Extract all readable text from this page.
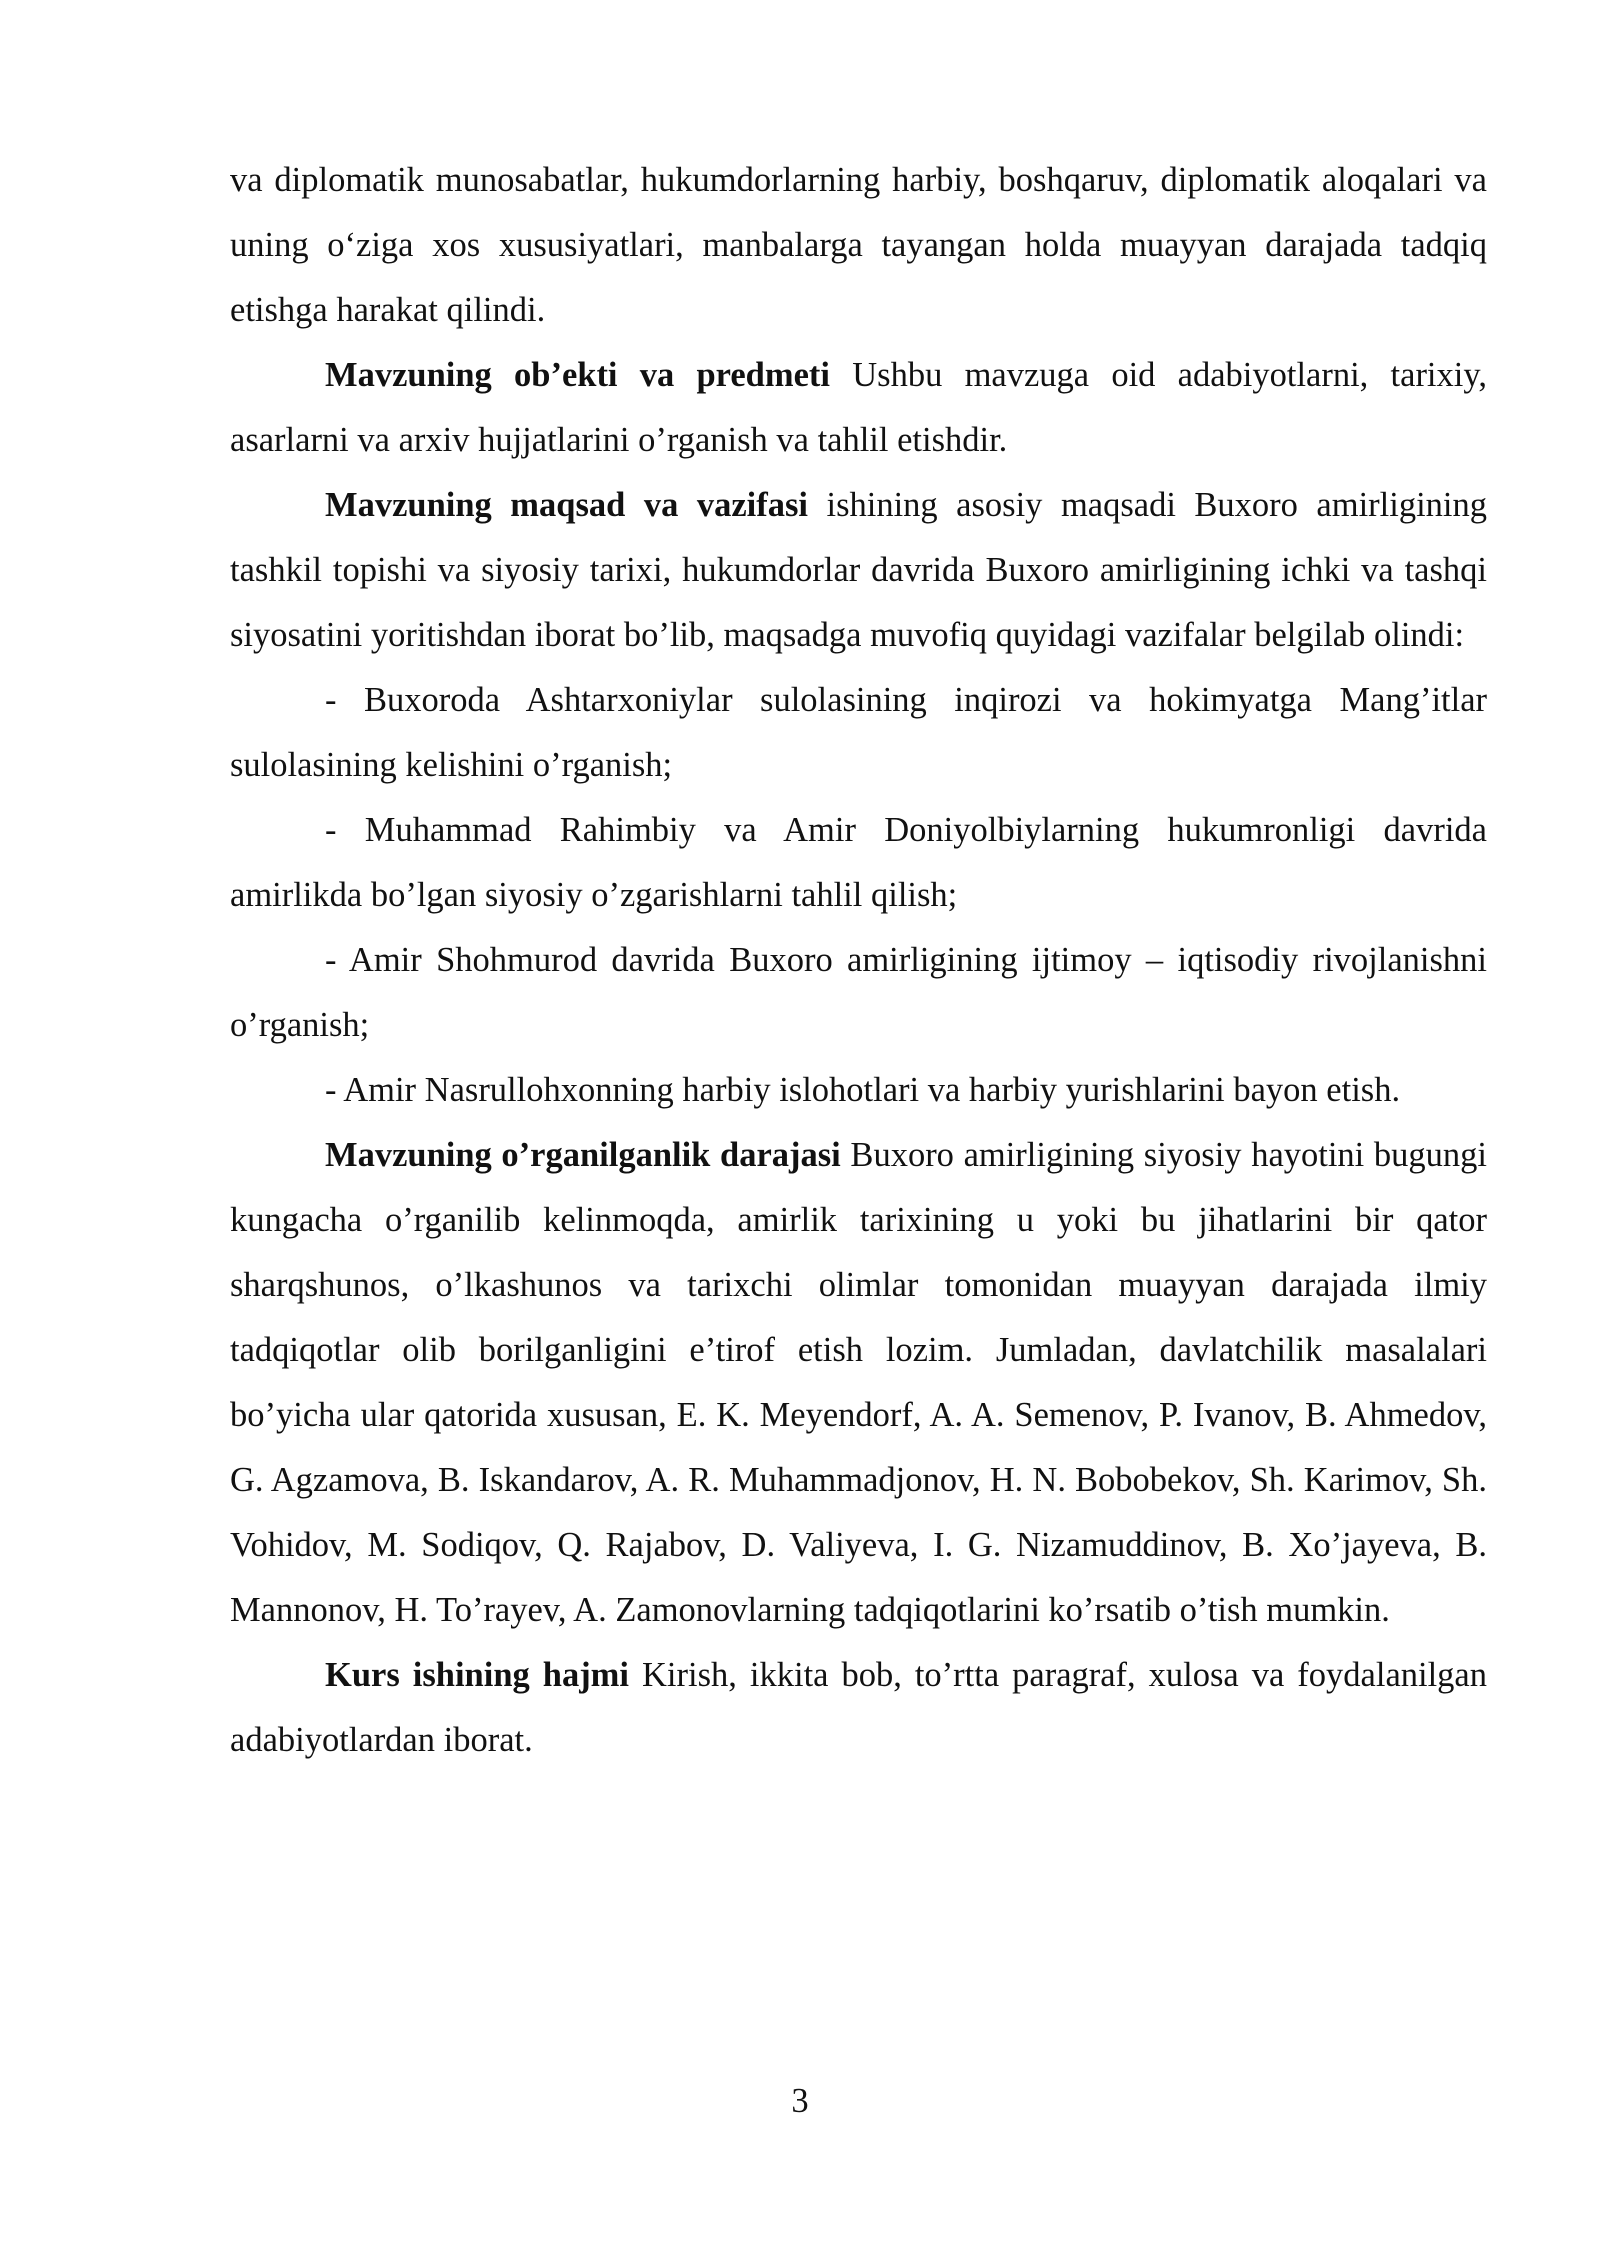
va diplomatik munosabatlar, hukumdorlarning harbiy, boshqaruv, diplomatik aloqalari va uning o‘ziga xos xususiyatlari, manbalarga tayangan holda muayyan darajada tadqiq etishga harakat qilindi.

Mavzuning ob’ekti va predmeti Ushbu mavzuga oid adabiyotlarni, tarixiy, asarlarni va arxiv hujjatlarini o’rganish va tahlil etishdir.

Mavzuning maqsad va vazifasi ishining asosiy maqsadi Buxoro amirligining tashkil topishi va siyosiy tarixi, hukumdorlar davrida Buxoro amirligining ichki va tashqi siyosatini yoritishdan iborat bo’lib, maqsadga muvofiq quyidagi vazifalar belgilab olindi:

- Buxoroda Ashtarxoniylar sulolasining inqirozi va hokimyatga Mang’itlar sulolasining kelishini o’rganish;

- Muhammad Rahimbiy va Amir Doniyolbiylarning hukumronligi davrida amirlikda bo’lgan siyosiy o’zgarishlarni tahlil qilish;

- Amir Shohmurod davrida Buxoro amirligining ijtimoy – iqtisodiy rivojlanishni o’rganish;

- Amir Nasrullohxonning harbiy islohotlari va harbiy yurishlarini bayon etish.

Mavzuning o’rganilganlik darajasi Buxoro amirligining siyosiy hayotini bugungi kungacha o’rganilib kelinmoqda, amirlik tarixining u yoki bu jihatlarini bir qator sharqshunos, o’lkashunos va tarixchi olimlar tomonidan muayyan darajada ilmiy tadqiqotlar olib borilganligini e’tirof etish lozim. Jumladan, davlatchilik masalalari bo’yicha ular qatorida xususan, E. K. Meyendorf, A. A. Semenov, P. Ivanov, B. Ahmedov, G. Agzamova, B. Iskandarov, A. R. Muhammadjonov, H. N. Bobobekov, Sh. Karimov, Sh. Vohidov, M. Sodiqov, Q. Rajabov, D. Valiyeva, I. G. Nizamuddinov, B. Xo’jayeva, B. Mannonov, H. To’rayev, A. Zamonovlarning tadqiqotlarini ko’rsatib o’tish mumkin.

Kurs ishining hajmi Kirish, ikkita bob, to’rtta paragraf, xulosa va foydalanilgan adabiyotlardan iborat.

3
